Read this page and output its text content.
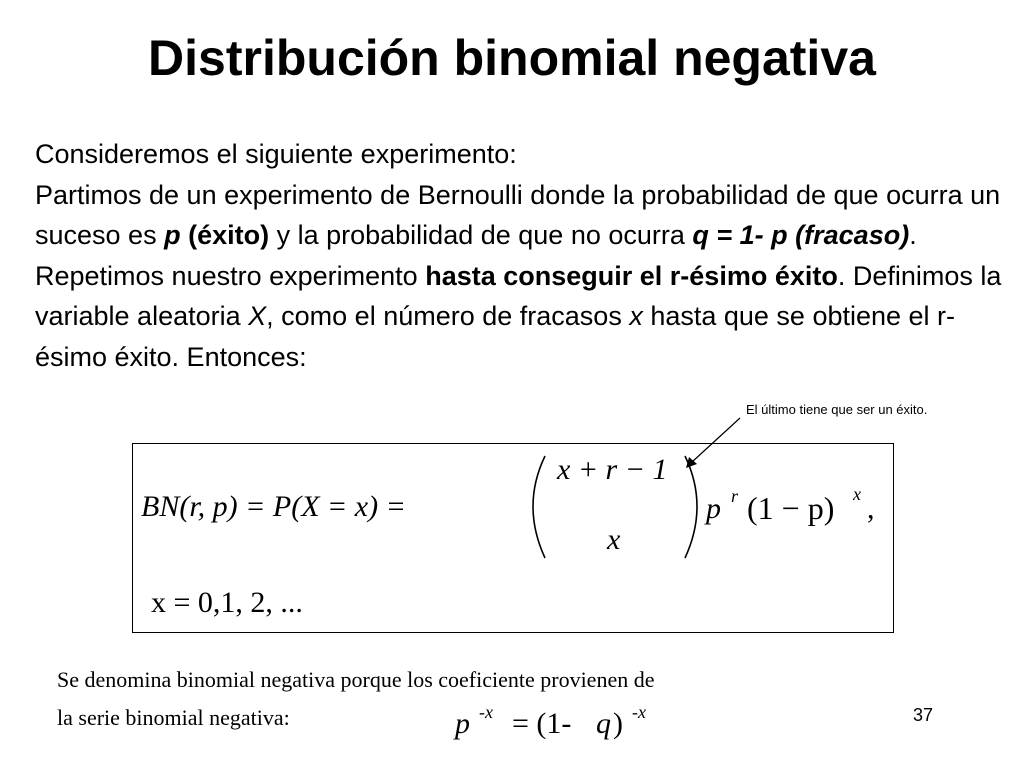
Distribución binomial negativa
Consideremos el siguiente experimento:
Partimos de un experimento de Bernoulli donde la probabilidad de que ocurra un suceso es p (éxito) y la probabilidad de que no ocurra q = 1- p (fracaso). Repetimos nuestro experimento hasta conseguir el r-ésimo éxito. Definimos la variable aleatoria X, como el número de fracasos x hasta que se obtiene el r-ésimo éxito. Entonces:
El último tiene que ser un éxito.
BN(r, p) = P(X = x) =
x + r − 1
x
p r (1 − p) x ,
x = 0,1, 2, ...
Se denomina binomial negativa porque los coeficiente provienen de
la serie binomial negativa:	p -x = (1- q ) -x	37
